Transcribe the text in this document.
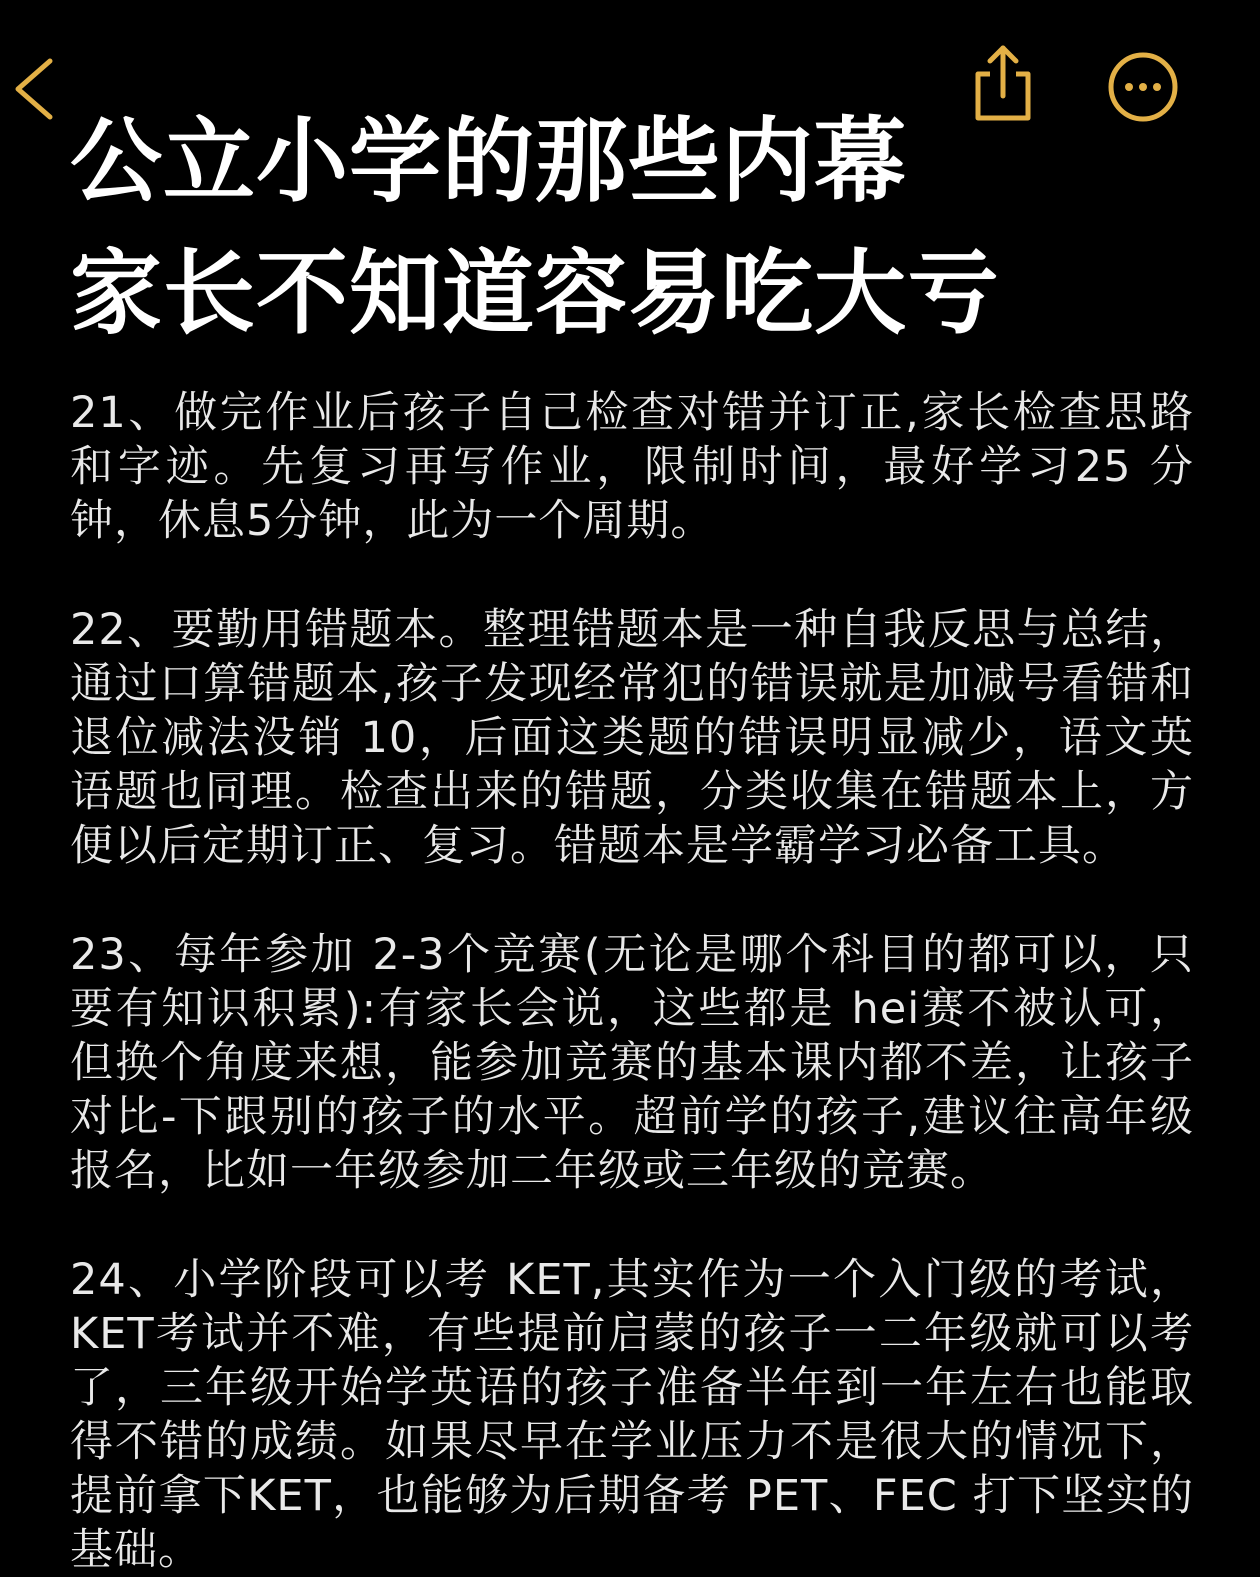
公立小学的那些内幕
家长不知道容易吃大亏

21、做完作业后孩子自己检查对错并订正,家长检查思路和字迹。先复习再写作业，限制时间，最好学习25 分钟，休息5分钟，此为一个周期。

22、要勤用错题本。整理错题本是一种自我反思与总结，通过口算错题本,孩子发现经常犯的错误就是加减号看错和退位减法没销 10，后面这类题的错误明显减少，语文英语题也同理。检查出来的错题，分类收集在错题本上，方便以后定期订正、复习。错题本是学霸学习必备工具。

23、每年参加 2-3个竞赛(无论是哪个科目的都可以，只要有知识积累):有家长会说，这些都是 hei赛不被认可，但换个角度来想，能参加竞赛的基本课内都不差，让孩子对比-下跟别的孩子的水平。超前学的孩子,建议往高年级报名，比如一年级参加二年级或三年级的竞赛。

24、小学阶段可以考 KET,其实作为一个入门级的考试，KET考试并不难，有些提前启蒙的孩子一二年级就可以考了，三年级开始学英语的孩子准备半年到一年左右也能取得不错的成绩。如果尽早在学业压力不是很大的情况下，提前拿下KET，也能够为后期备考 PET、FEC 打下坚实的基础。
